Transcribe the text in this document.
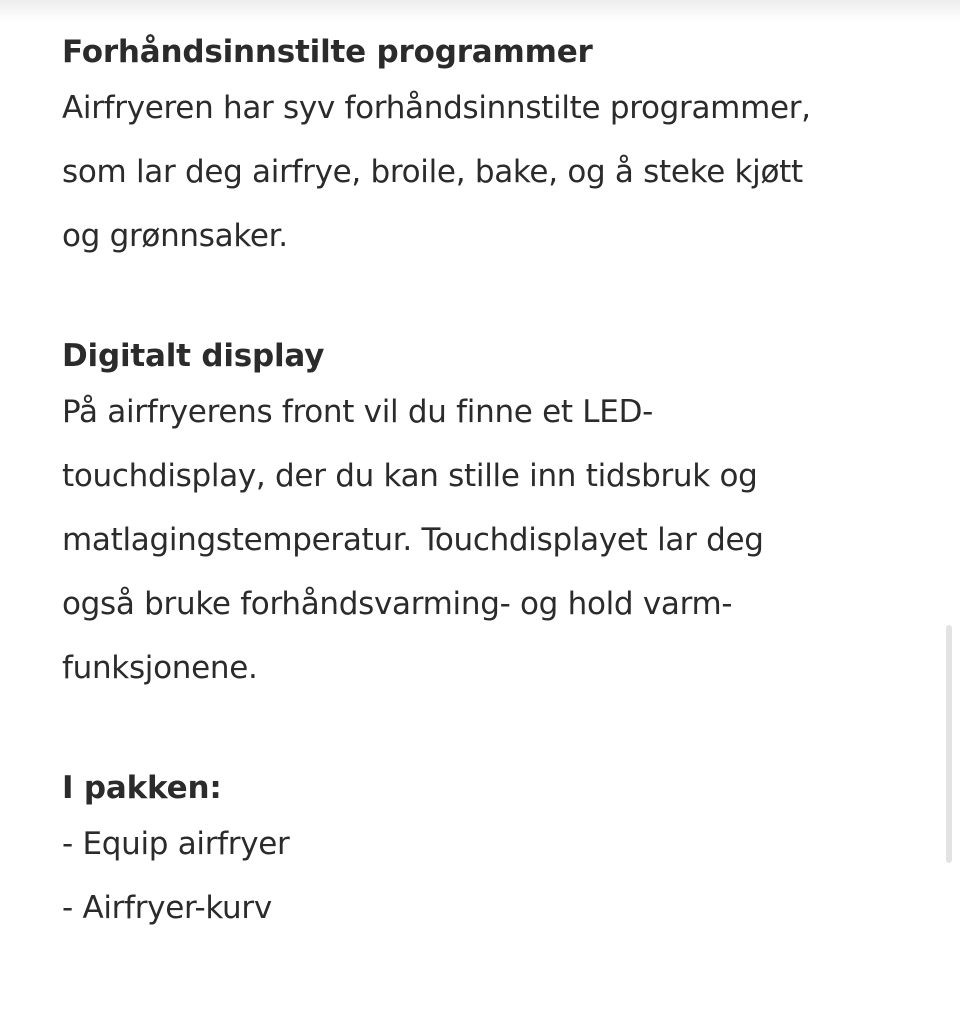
Forhåndsinnstilte programmer

Airfryeren har syv forhåndsinnstilte programmer,
som lar deg airfrye, broile, bake, og å steke kjøtt
og grønnsaker.

Digitalt display

På airfryerens front vil du finne et LED-
touchdisplay, der du kan stille inn tidsbruk og
matlagingstemperatur. Touchdisplayet lar deg
også bruke forhåndsvarming- og hold varm-
funksjonene.

I pakken:
- Equip airfryer
- Airfryer-kurv
